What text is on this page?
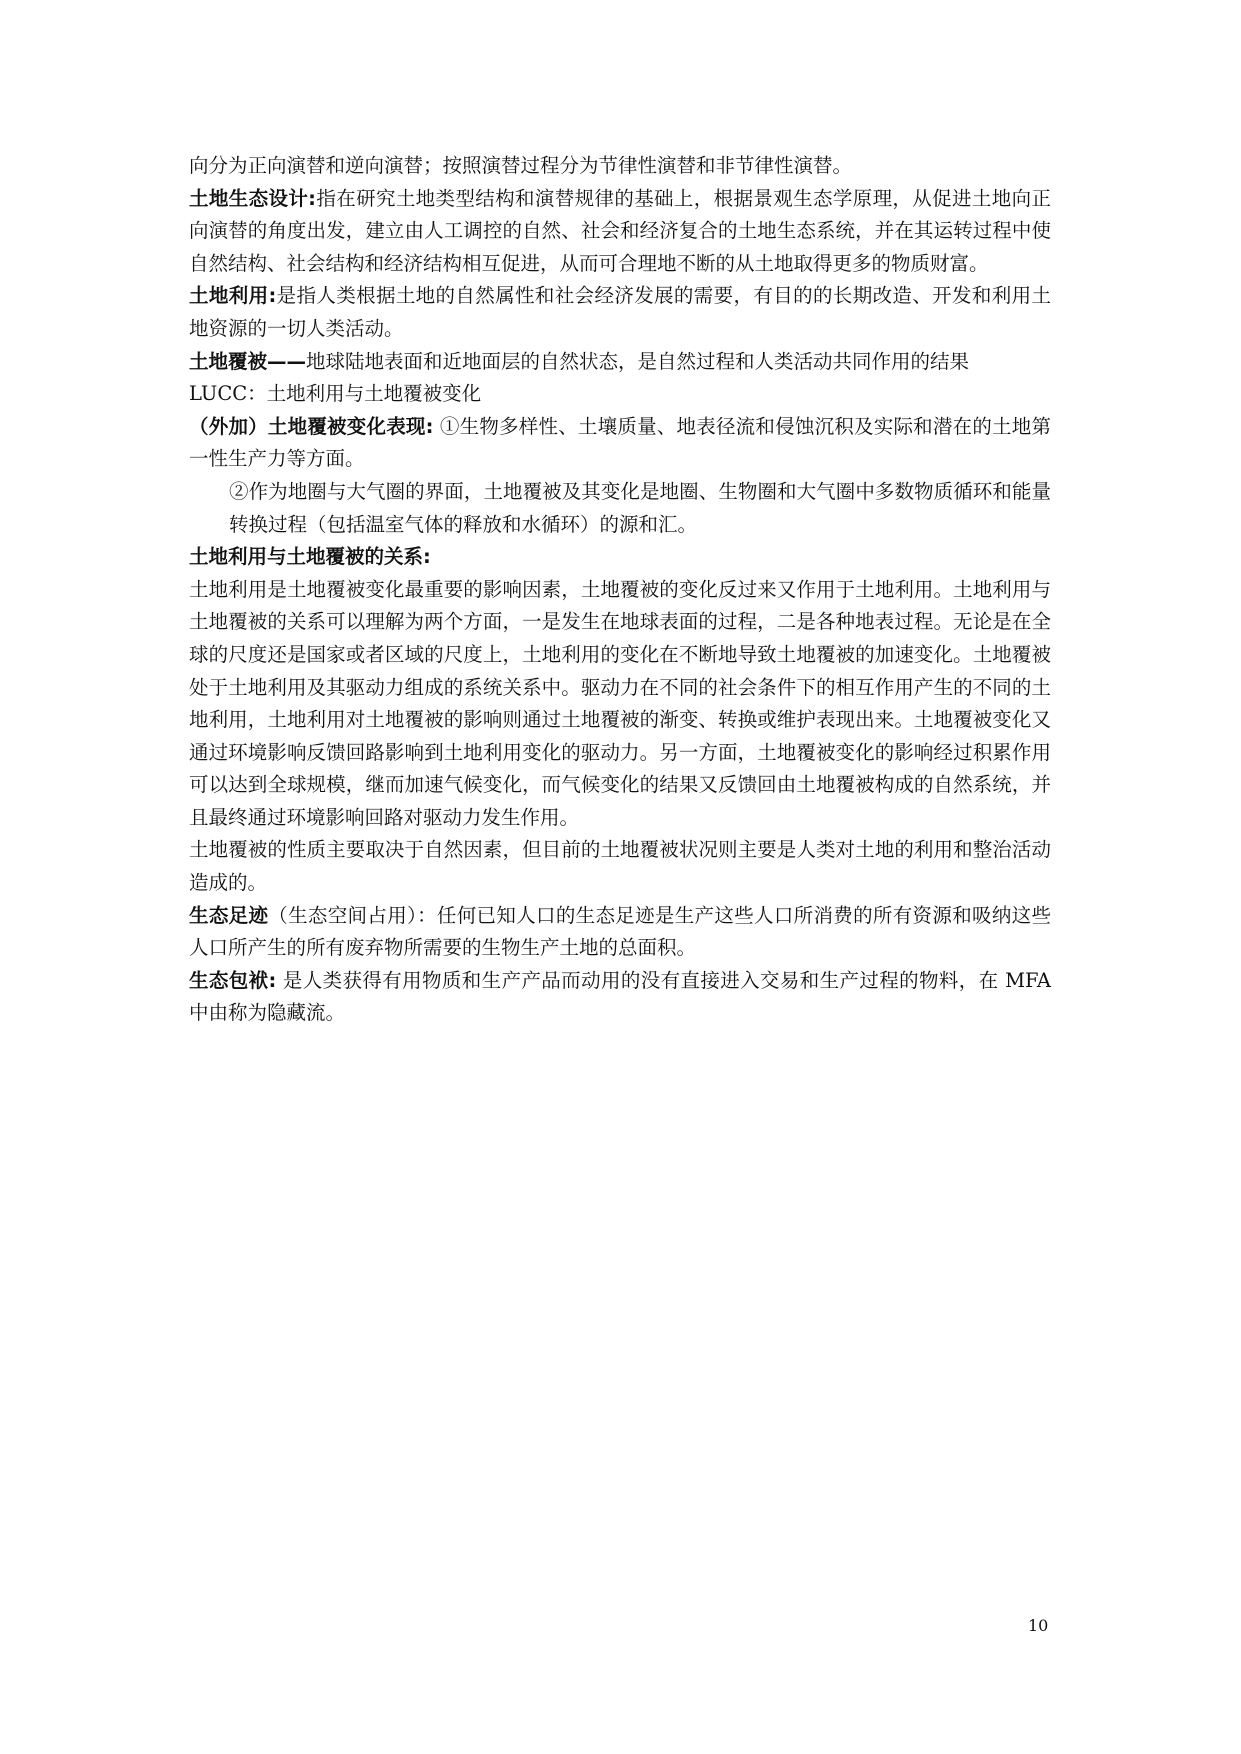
向分为正向演替和逆向演替；按照演替过程分为节律性演替和非节律性演替。

土地生态设计:指在研究土地类型结构和演替规律的基础上，根据景观生态学原理，从促进土地向正向演替的角度出发，建立由人工调控的自然、社会和经济复合的土地生态系统，并在其运转过程中使自然结构、社会结构和经济结构相互促进，从而可合理地不断的从土地取得更多的物质财富。

土地利用:是指人类根据土地的自然属性和社会经济发展的需要，有目的的长期改造、开发和利用土地资源的一切人类活动。

土地覆被——地球陆地表面和近地面层的自然状态，是自然过程和人类活动共同作用的结果

LUCC：土地利用与土地覆被变化

（外加）土地覆被变化表现: ①生物多样性、土壤质量、地表径流和侵蚀沉积及实际和潜在的土地第一性生产力等方面。

②作为地圈与大气圈的界面，土地覆被及其变化是地圈、生物圈和大气圈中多数物质循环和能量转换过程（包括温室气体的释放和水循环）的源和汇。

土地利用与土地覆被的关系:

土地利用是土地覆被变化最重要的影响因素，土地覆被的变化反过来又作用于土地利用。土地利用与土地覆被的关系可以理解为两个方面，一是发生在地球表面的过程，二是各种地表过程。无论是在全球的尺度还是国家或者区域的尺度上，土地利用的变化在不断地导致土地覆被的加速变化。土地覆被处于土地利用及其驱动力组成的系统关系中。驱动力在不同的社会条件下的相互作用产生的不同的土地利用，土地利用对土地覆被的影响则通过土地覆被的渐变、转换或维护表现出来。土地覆被变化又通过环境影响反馈回路影响到土地利用变化的驱动力。另一方面，土地覆被变化的影响经过积累作用可以达到全球规模，继而加速气候变化，而气候变化的结果又反馈回由土地覆被构成的自然系统，并且最终通过环境影响回路对驱动力发生作用。

土地覆被的性质主要取决于自然因素，但目前的土地覆被状况则主要是人类对土地的利用和整治活动造成的。

生态足迹（生态空间占用）：任何已知人口的生态足迹是生产这些人口所消费的所有资源和吸纳这些人口所产生的所有废弃物所需要的生物生产土地的总面积。

生态包袱: 是人类获得有用物质和生产产品而动用的没有直接进入交易和生产过程的物料，在 MFA 中由称为隐藏流。

10
